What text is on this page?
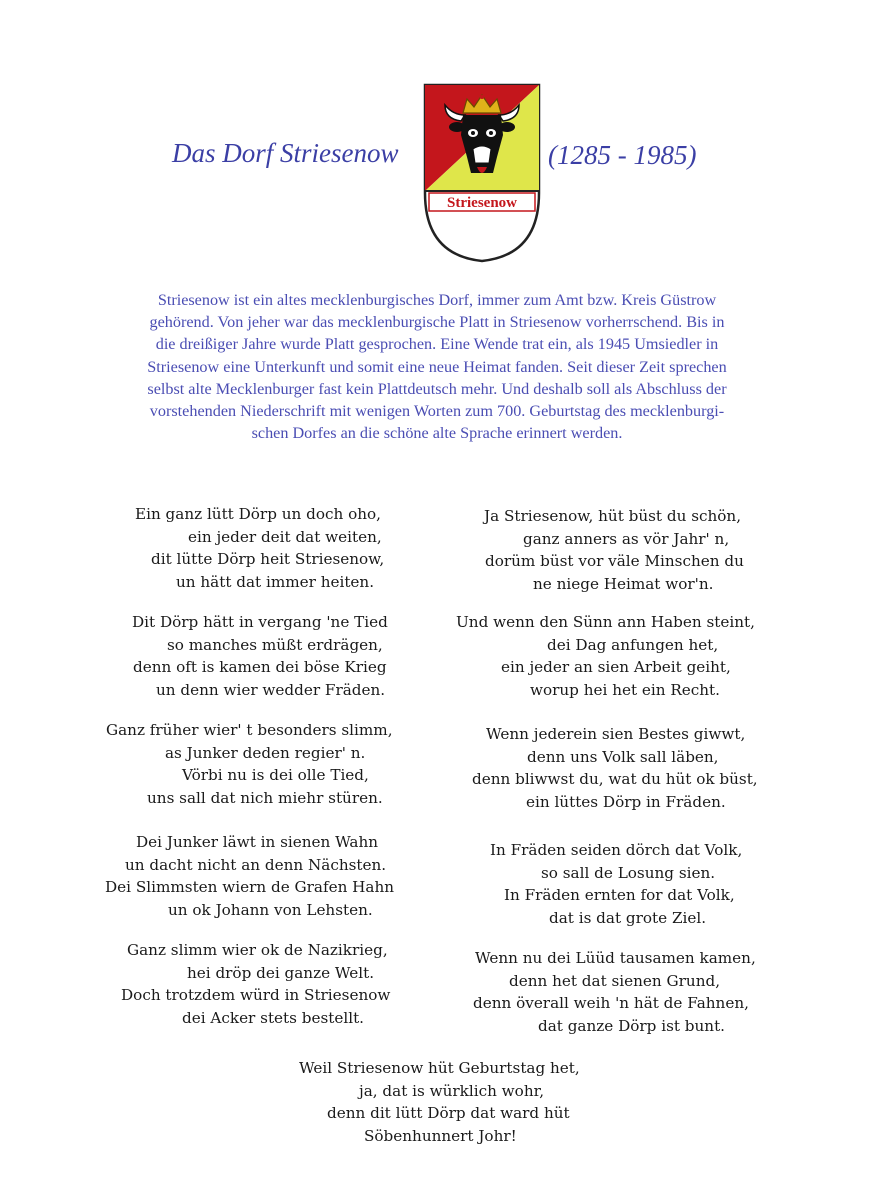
Das Dorf Striesenow
Striesenow
(1285 - 1985)
Striesenow ist ein altes mecklenburgisches Dorf, immer zum Amt bzw. Kreis Güstrow
gehörend. Von jeher war das mecklenburgische Platt in Striesenow vorherrschend. Bis in
die dreißiger Jahre wurde Platt gesprochen. Eine Wende trat ein, als 1945 Umsiedler in
Striesenow eine Unterkunft und somit eine neue Heimat fanden. Seit dieser Zeit sprechen
selbst alte Mecklenburger fast kein Plattdeutsch mehr. Und deshalb soll als Abschluss der
vorstehenden Niederschrift mit wenigen Worten zum 700. Geburtstag des mecklenburgi-
schen Dorfes an die schöne alte Sprache erinnert werden.
Ein ganz lütt Dörp un doch oho,
ein jeder deit dat weiten,
dit lütte Dörp heit Striesenow,
un hätt dat immer heiten.
Dit Dörp hätt in vergang 'ne Tied
so manches müßt erdrägen,
denn oft is kamen dei böse Krieg
un denn wier wedder Fräden.
Ganz früher wier' t besonders slimm,
as Junker deden regier' n.
Vörbi nu is dei olle Tied,
uns sall dat nich miehr stüren.
Dei Junker läwt in sienen Wahn
un dacht nicht an denn Nächsten.
Dei Slimmsten wiern de Grafen Hahn
un ok Johann von Lehsten.
Ganz slimm wier ok de Nazikrieg,
hei dröp dei ganze Welt.
Doch trotzdem würd in Striesenow
dei Acker stets bestellt.
Ja Striesenow, hüt büst du schön,
ganz anners as vör Jahr' n,
dorüm büst vor väle Minschen du
ne niege Heimat wor'n.
Und wenn den Sünn ann Haben steint,
dei Dag anfungen het,
ein jeder an sien Arbeit geiht,
worup hei het ein Recht.
Wenn jederein sien Bestes giwwt,
denn uns Volk sall läben,
denn bliwwst du, wat du hüt ok büst,
ein lüttes Dörp in Fräden.
In Fräden seiden dörch dat Volk,
so sall de Losung sien.
In Fräden ernten for dat Volk,
dat is dat grote Ziel.
Wenn nu dei Lüüd tausamen kamen,
denn het dat sienen Grund,
denn överall weih 'n hät de Fahnen,
dat ganze Dörp ist bunt.
Weil Striesenow hüt Geburtstag het,
ja, dat is würklich wohr,
denn dit lütt Dörp dat ward hüt
Söbenhunnert Johr!
